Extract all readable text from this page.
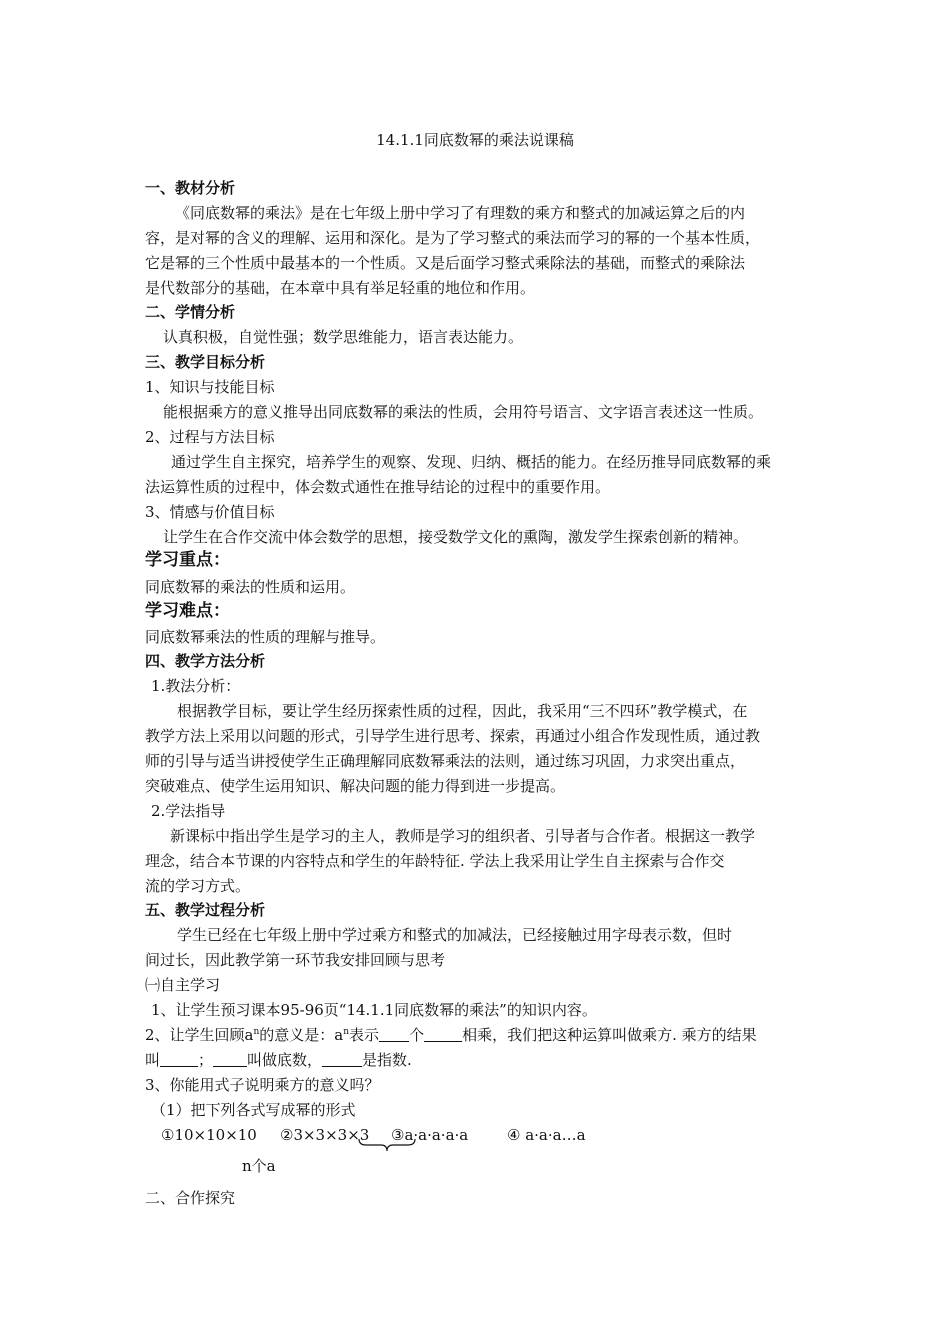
14.1.1同底数幂的乘法说课稿
一、教材分析
《同底数幂的乘法》是在七年级上册中学习了有理数的乘方和整式的加减运算之后的内
容，是对幂的含义的理解、运用和深化。是为了学习整式的乘法而学习的幂的一个基本性质，
它是幂的三个性质中最基本的一个性质。又是后面学习整式乘除法的基础，而整式的乘除法
是代数部分的基础，在本章中具有举足轻重的地位和作用。
二、学情分析
认真积极，自觉性强；数学思维能力，语言表达能力。
三、教学目标分析
1、知识与技能目标
能根据乘方的意义推导出同底数幂的乘法的性质，会用符号语言、文字语言表述这一性质。
2、过程与方法目标
通过学生自主探究，培养学生的观察、发现、归纳、概括的能力。在经历推导同底数幂的乘
法运算性质的过程中，体会数式通性在推导结论的过程中的重要作用。
3、情感与价值目标
让学生在合作交流中体会数学的思想，接受数学文化的熏陶，激发学生探索创新的精神。
学习重点：
同底数幂的乘法的性质和运用。
学习难点：
同底数幂乘法的性质的理解与推导。
四、教学方法分析
1.教法分析：
根据教学目标，要让学生经历探索性质的过程，因此，我采用“三不四环”教学模式，在
教学方法上采用以问题的形式，引导学生进行思考、探索，再通过小组合作发现性质，通过教
师的引导与适当讲授使学生正确理解同底数幂乘法的法则，通过练习巩固，力求突出重点，
突破难点、使学生运用知识、解决问题的能力得到进一步提高。
2.学法指导
新课标中指出学生是学习的主人，教师是学习的组织者、引导者与合作者。根据这一教学
理念，结合本节课的内容特点和学生的年龄特征. 学法上我采用让学生自主探索与合作交
流的学习方式。
五、教学过程分析
学生已经在七年级上册中学过乘方和整式的加减法，已经接触过用字母表示数，但时
间过长，因此教学第一环节我安排回顾与思考
㈠自主学习
1、让学生预习课本95-96页“14.1.1同底数幂的乘法”的知识内容。
2、让学生回顾$a^n$的意义是：$a^n$表示 个	相乘，我们把这种运算叫做乘方. 乘方的结果
叫	； 叫做底数，	是指数.
3、你能用式子说明乘方的意义吗？
（1）把下列各式写成幂的形式
①10×10×10 ②3×3×3×3 ③a·a·a·a·a	④ a·a·a…a
n个a
二、合作探究
